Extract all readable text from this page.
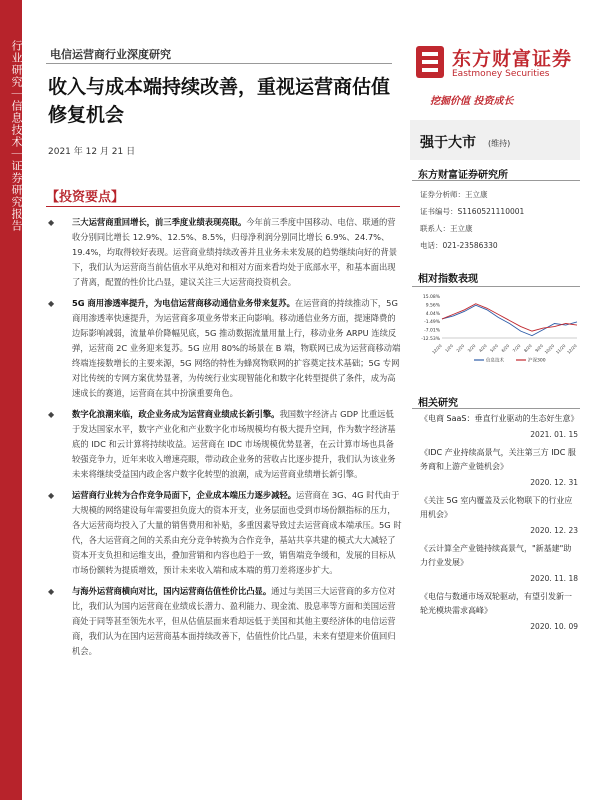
行业研究｜信息技术｜证券研究报告 电信运营商行业深度研究
收入与成本端持续改善，重视运营商估值修复机会
2021 年 12 月 21 日
【投资要点】
◆ 三大运营商重回增长，前三季度业绩表现亮眼。今年前三季度中国移动、电信、联通的营收分别同比增长 12.9%、12.5%、8.5%，归母净利润分别同比增长 6.9%、24.7%、19.4%，均取得较好表现。运营商业绩持续改善并且业务未来发展的趋势继续向好的背景下，我们认为运营商当前估值水平从绝对和相对方面来看均处于底部水平，和基本面出现了背离，配置的性价比凸显，建议关注三大运营商投资机会。
◆ 5G 商用渗透率提升，为电信运营商移动通信业务带来复苏。在运营商的持续推动下，5G 商用渗透率快速提升，为运营商多项业务带来正向影响。移动通信业务方面，提速降费的边际影响减弱，流量单价降幅见底，5G 推动数据流量用量上行，移动业务 ARPU 连续反弹，运营商 2C 业务迎来复苏。5G 应用 80%的场景在 B 端，物联网已成为运营商移动端终端连接数增长的主要来源，5G 网络的特性为蜂窝物联网的扩容奠定技术基础；5G 专网对比传统的专网方案优势显著，为传统行业实现智能化和数字化转型提供了条件，成为高速成长的赛道，运营商在其中扮演重要角色。
◆ 数字化浪潮来临，政企业务成为运营商业绩成长新引擎。我国数字经济占 GDP 比重远低于发达国家水平，数字产业化和产业数字化市场规模均有极大提升空间，作为数字经济基底的 IDC 和云计算将持续收益。运营商在 IDC 市场规模优势显著，在云计算市场也具备较强竞争力，近年来收入增速亮眼，带动政企业务的营收占比逐步提升，我们认为该业务未来将继续受益国内政企客户数字化转型的浪潮，成为运营商业绩增长新引擎。
◆ 运营商行业转为合作竞争局面下，企业成本端压力逐步减轻。运营商在 3G、4G 时代由于大规模的网络建设每年需要担负庞大的资本开支，业务层面也受到市场份额指标的压力，各大运营商均投入了大量的销售费用和补贴，多重因素导致过去运营商成本端承压。5G 时代，各大运营商之间的关系由充分竞争转换为合作竞争，基站共享共建的模式大大减轻了资本开支负担和运维支出，叠加营销和内容也趋于一致，销售端竞争缓和，发展的目标从市场份额转为提质增效，预计未来收入端和成本端的剪刀差将逐步扩大。
◆ 与海外运营商横向对比，国内运营商估值性价比凸显。通过与美国三大运营商的多方位对比，我们认为国内运营商在业绩成长潜力、盈利能力、现金流、股息率等方面和美国运营商处于同等甚至领先水平，但从估值层面来看却远低于美国和其他主要经济体的电信运营商，我们认为在国内运营商基本面持续改善下，估值性价比凸显，未来有望迎来价值回归机会。
东方财富证券
Eastmoney Securities
挖掘价值 投资成长
强于大市 (维持)
东方财富证券研究所
证券分析师：王立康
证书编号：S1160521110001
联系人：王立康
电话：021-23586330
相对指数表现
15.08%
9.56%
4.04%
-1.49%
-7.01%
-12.53%
12/20 1/20 2/20 3/20 4/20 5/20 6/20 7/20 8/20 9/20 10/20 11/20 12/20
信息技术	沪深300
相关研究
《电商 SaaS：垂直行业驱动的生态好生意》
2021. 01. 15
《IDC 产业持续高景气，关注第三方 IDC 服务商和上游产业链机会》
2020. 12. 31
《关注 5G 室内覆盖及云化物联下的行业应用机会》
2020. 12. 23
《云计算全产业链持续高景气，"新基建"助力行业发展》
2020. 11. 18
《电信与数通市场双轮驱动，有望引发新一轮光模块需求高峰》
2020. 10. 09
